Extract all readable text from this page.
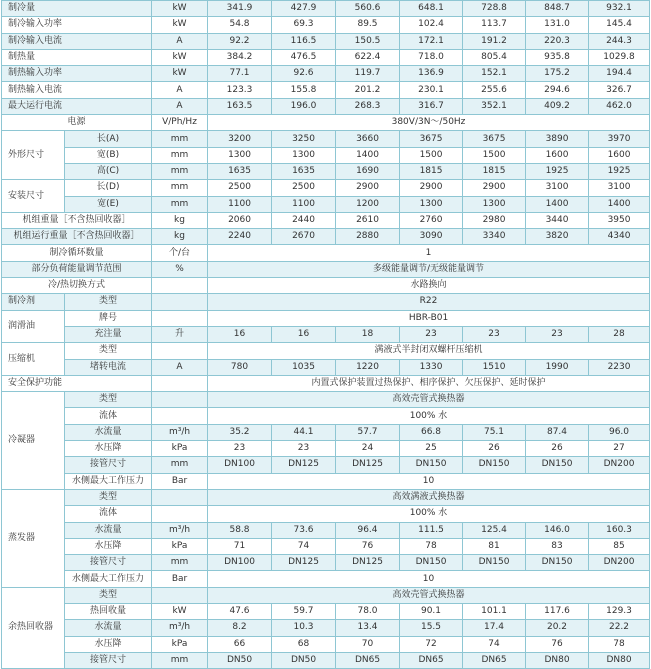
制冷量		kW	341.9	427.9	560.6	648.1	728.8	848.7	932.1
制冷输入功率		kW	54.8	69.3	89.5	102.4	113.7	131.0	145.4
制冷输入电流		A	92.2	116.5	150.5	172.1	191.2	220.3	244.3
制热量		kW	384.2	476.5	622.4	718.0	805.4	935.8	1029.8
制热输入功率		kW	77.1	92.6	119.7	136.9	152.1	175.2	194.4
制热输入电流		A	123.3	155.8	201.2	230.1	255.6	294.6	326.7
最大运行电流		A	163.5	196.0	268.3	316.7	352.1	409.2	462.0
电源		V/Ph/Hz	380V/3N～/50Hz						
外形尺寸	长(A)	mm	3200	3250	3660	3675	3675	3890	3970
	宽(B)	mm	1300	1300	1400	1500	1500	1600	1600
	高(C)	mm	1635	1635	1690	1815	1815	1925	1925
安装尺寸	长(D)	mm	2500	2500	2900	2900	2900	3100	3100
	宽(E)	mm	1100	1100	1200	1300	1300	1400	1400
机组重量［不含热回收器］		kg	2060	2440	2610	2760	2980	3440	3950
机组运行重量［不含热回收器］		kg	2240	2670	2880	3090	3340	3820	4340
制冷循环数量		个/台	1						
部分负荷能量调节范围		%	多级能量调节/无级能量调节						
冷/热切换方式			水路换向						
制冷剂	类型		R22						
润滑油	牌号		HBR-B01						
	充注量	升	16	16	18	23	23	23	28
压缩机	类型		满液式半封闭双螺杆压缩机						
	堵转电流	A	780	1035	1220	1330	1510	1990	2230
安全保护功能			内置式保护装置过热保护、相序保护、欠压保护、延时保护						
冷凝器	类型		高效壳管式换热器						
	流体		100% 水						
	水流量	m³/h	35.2	44.1	57.7	66.8	75.1	87.4	96.0
	水压降	kPa	23	23	24	25	26	26	27
	接管尺寸	mm	DN100	DN125	DN125	DN150	DN150	DN150	DN200
	水侧最大工作压力	Bar	10						
蒸发器	类型		高效满液式换热器						
	流体		100% 水						
	水流量	m³/h	58.8	73.6	96.4	111.5	125.4	146.0	160.3
	水压降	kPa	71	74	76	78	81	83	85
	接管尺寸	mm	DN100	DN125	DN125	DN150	DN150	DN150	DN200
	水侧最大工作压力	Bar	10						
余热回收器	类型		高效壳管式换热器						
	热回收量	kW	47.6	59.7	78.0	90.1	101.1	117.6	129.3
	水流量	m³/h	8.2	10.3	13.4	15.5	17.4	20.2	22.2
	水压降	kPa	66	68	70	72	74	76	78
	接管尺寸	mm	DN50	DN50	DN65	DN65	DN65	DN80	DN80
